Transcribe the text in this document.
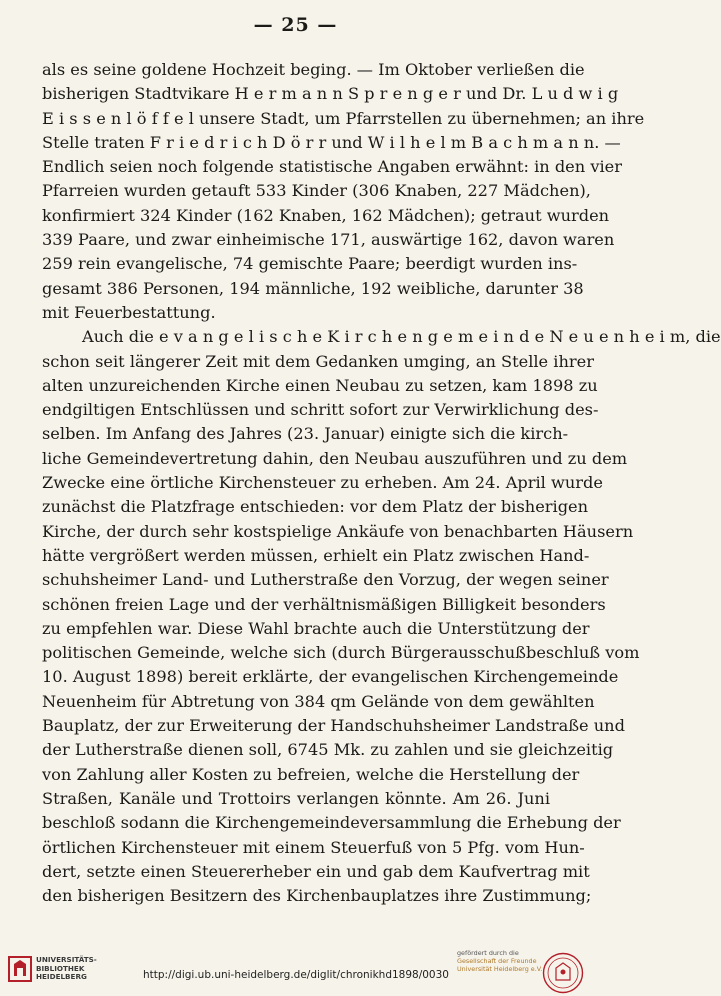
— 25 —
als es seine goldene Hochzeit beging. — Im Oktober verließen die
bisherigen Stadtvikare H e r m a n n S p r e n g e r und Dr. L u d w i g
E i s s e n l ö f f e l unsere Stadt, um Pfarrstellen zu übernehmen; an ihre
Stelle traten F r i e d r i c h D ö r r und W i l h e l m B a c h m a n n. —
Endlich seien noch folgende statistische Angaben erwähnt: in den vier
Pfarreien wurden getauft 533 Kinder (306 Knaben, 227 Mädchen),
konfirmiert 324 Kinder (162 Knaben, 162 Mädchen); getraut wurden
339 Paare, und zwar einheimische 171, auswärtige 162, davon waren
259 rein evangelische, 74 gemischte Paare; beerdigt wurden ins-
gesamt 386 Personen, 194 männliche, 192 weibliche, darunter 38
mit Feuerbestattung.
Auch die e v a n g e l i s c h e K i r c h e n g e m e i n d e N e u e n h e i m, die
schon seit längerer Zeit mit dem Gedanken umging, an Stelle ihrer
alten unzureichenden Kirche einen Neubau zu setzen, kam 1898 zu
endgiltigen Entschlüssen und schritt sofort zur Verwirklichung des-
selben. Im Anfang des Jahres (23. Januar) einigte sich die kirch-
liche Gemeindevertretung dahin, den Neubau auszuführen und zu dem
Zwecke eine örtliche Kirchensteuer zu erheben. Am 24. April wurde
zunächst die Platzfrage entschieden: vor dem Platz der bisherigen
Kirche, der durch sehr kostspielige Ankäufe von benachbarten Häusern
hätte vergrößert werden müssen, erhielt ein Platz zwischen Hand-
schuhsheimer Land- und Lutherstraße den Vorzug, der wegen seiner
schönen freien Lage und der verhältnismäßigen Billigkeit besonders
zu empfehlen war. Diese Wahl brachte auch die Unterstützung der
politischen Gemeinde, welche sich (durch Bürgerausschußbeschluß vom
10. August 1898) bereit erklärte, der evangelischen Kirchengemeinde
Neuenheim für Abtretung von 384 qm Gelände von dem gewählten
Bauplatz, der zur Erweiterung der Handschuhsheimer Landstraße und
der Lutherstraße dienen soll, 6745 Mk. zu zahlen und sie gleichzeitig
von Zahlung aller Kosten zu befreien, welche die Herstellung der
Straßen, Kanäle und Trottoirs verlangen könnte. Am 26. Juni
beschloß sodann die Kirchengemeindeversammlung die Erhebung der
örtlichen Kirchensteuer mit einem Steuerfuß von 5 Pfg. vom Hun-
dert, setzte einen Steuererheber ein und gab dem Kaufvertrag mit
den bisherigen Besitzern des Kirchenbauplatzes ihre Zustimmung;
UNIVERSITÄTS-
BIBLIOTHEK
HEIDELBERG	http://digi.ub.uni-heidelberg.de/diglit/chronikhd1898/0030
gefördert durch die
Gesellschaft der Freunde
Universität Heidelberg e.V.
